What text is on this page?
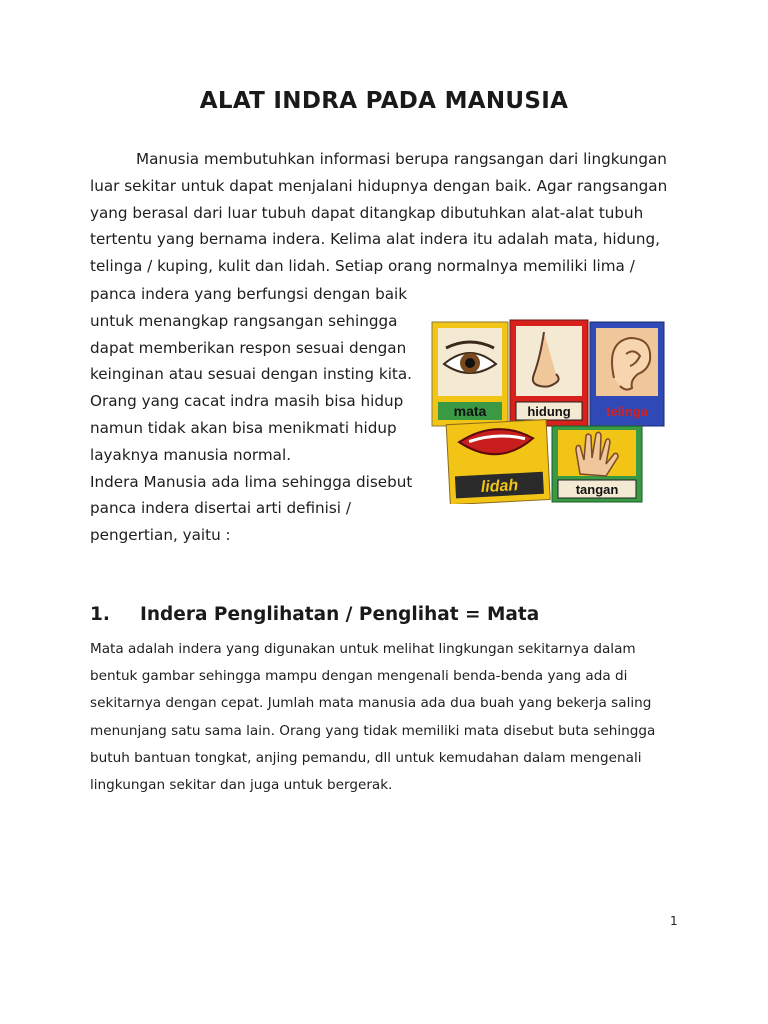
ALAT INDRA PADA MANUSIA

Manusia membutuhkan informasi berupa rangsangan dari lingkungan
luar sekitar untuk dapat menjalani hidupnya dengan baik. Agar rangsangan
yang berasal dari luar tubuh dapat ditangkap dibutuhkan alat-alat tubuh
tertentu yang bernama indera. Kelima alat indera itu adalah mata, hidung,
telinga / kuping, kulit dan lidah. Setiap orang normalnya memiliki lima /

panca indera yang berfungsi dengan baik
untuk menangkap rangsangan sehingga
dapat memberikan respon sesuai dengan
keinginan atau sesuai dengan insting kita.
Orang yang cacat indra masih bisa hidup
namun tidak akan bisa menikmati hidup
layaknya manusia normal.
Indera Manusia ada lima sehingga disebut
panca indera disertai arti definisi /
pengertian, yaitu :

mata	hidung	telinga
lidah	tangan
1. Indera Penglihatan / Penglihat = Mata

Mata adalah indera yang digunakan untuk melihat lingkungan sekitarnya dalam
bentuk gambar sehingga mampu dengan mengenali benda-benda yang ada di
sekitarnya dengan cepat. Jumlah mata manusia ada dua buah yang bekerja saling
menunjang satu sama lain. Orang yang tidak memiliki mata disebut buta sehingga
butuh bantuan tongkat, anjing pemandu, dll untuk kemudahan dalam mengenali
lingkungan sekitar dan juga untuk bergerak.

1
